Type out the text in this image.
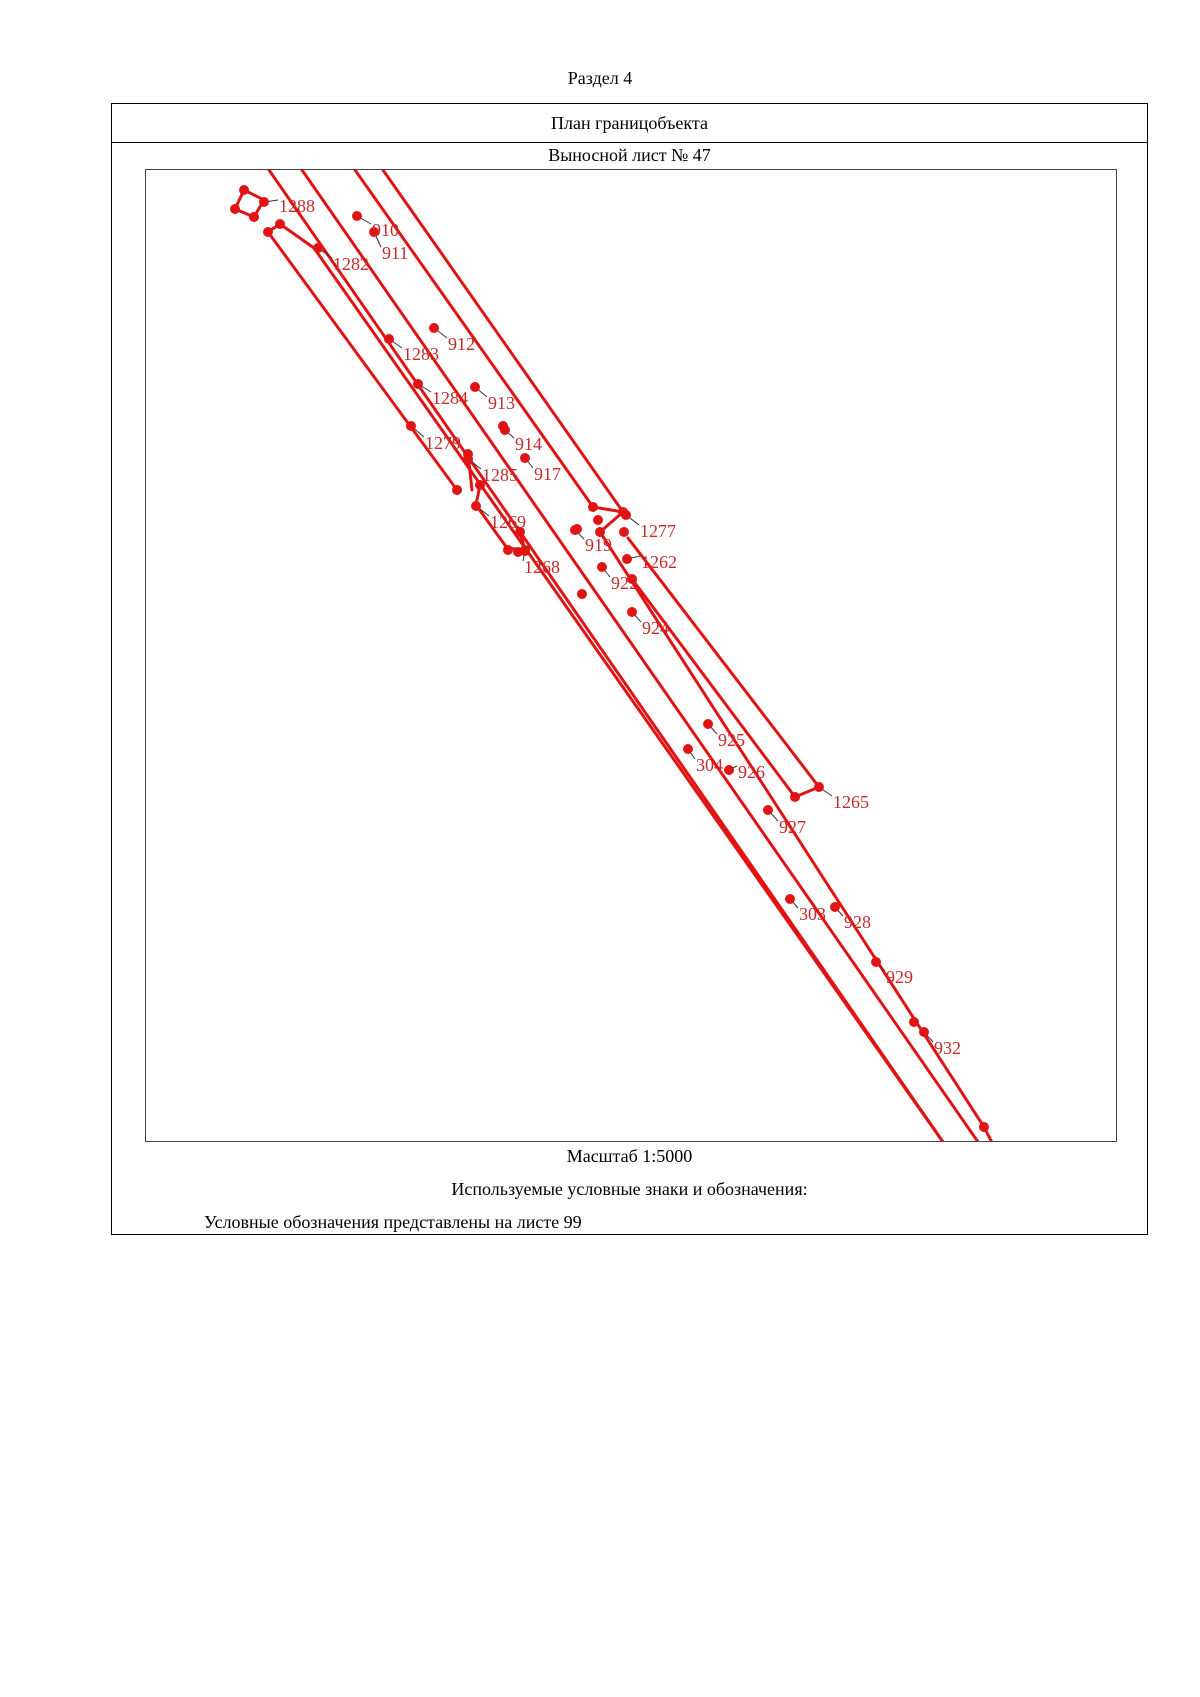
Раздел 4
План границобъекта
Выносной лист № 47
1288
910
911
1282
912
1283
1284 913
1279	914
1285 917
1269	1277
919
1262
1268
922
924
925
304 926
1265
927
303 928
929
932
Масштаб 1:5000
Используемые условные знаки и обозначения:
Условные обозначения представлены на листе 99
